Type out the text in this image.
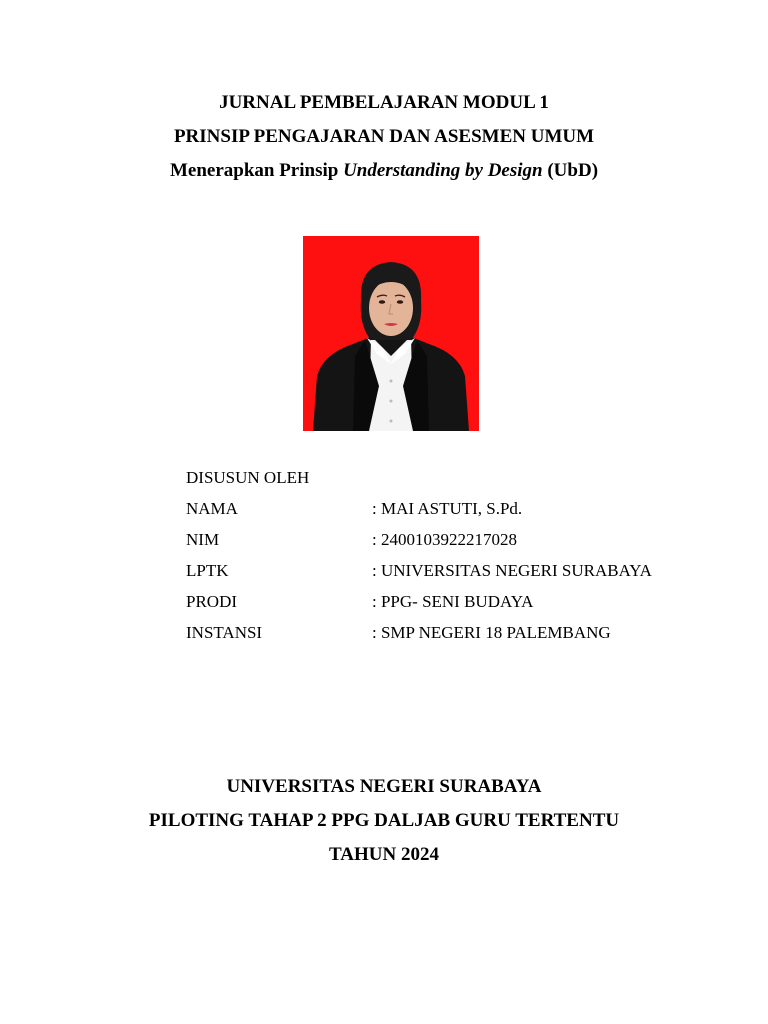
JURNAL PEMBELAJARAN MODUL 1
PRINSIP PENGAJARAN DAN ASESMEN UMUM
Menerapkan Prinsip Understanding by Design (UbD)
DISUSUN OLEH
NAMA	: MAI ASTUTI, S.Pd.
NIM	: 2400103922217028
LPTK	: UNIVERSITAS NEGERI SURABAYA
PRODI	: PPG- SENI BUDAYA
INSTANSI	: SMP NEGERI 18 PALEMBANG
UNIVERSITAS NEGERI SURABAYA
PILOTING TAHAP 2 PPG DALJAB GURU TERTENTU
TAHUN 2024
